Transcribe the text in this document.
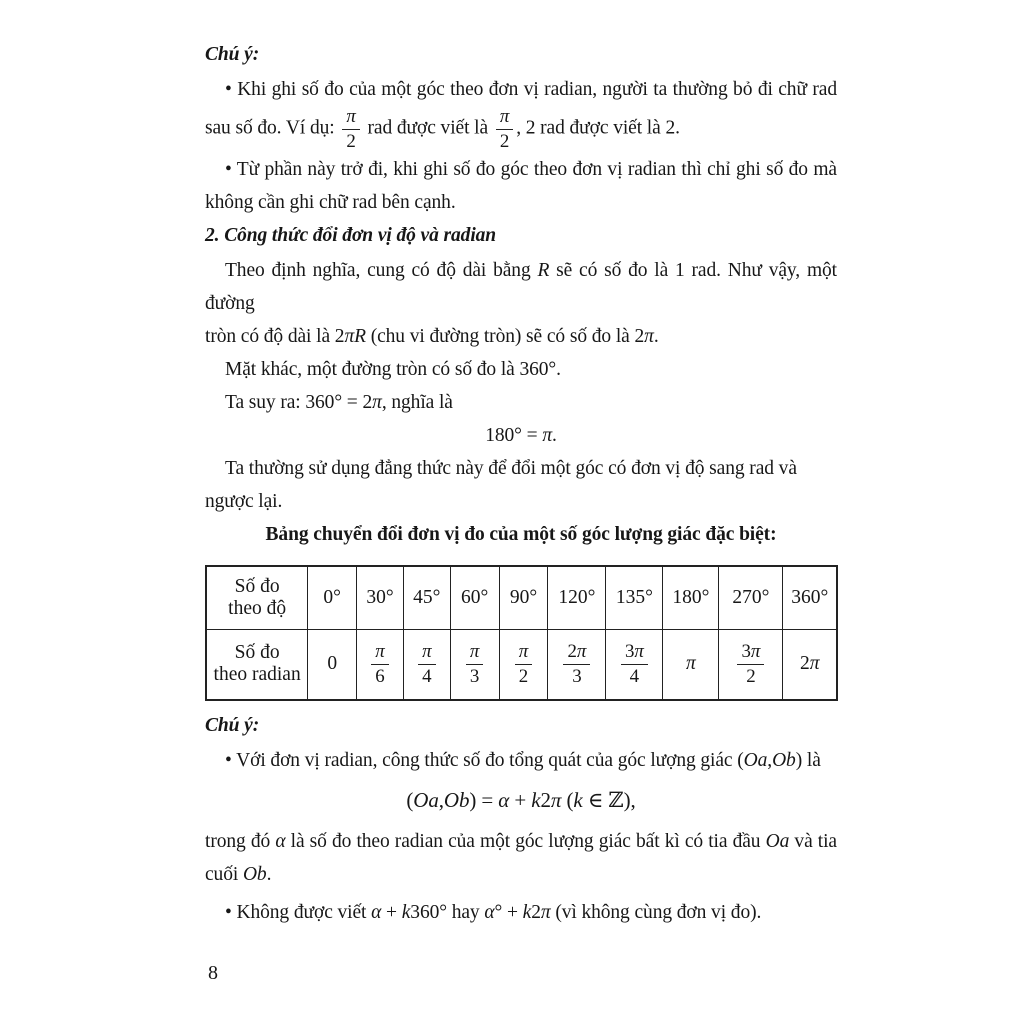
Chú ý:
• Khi ghi số đo của một góc theo đơn vị radian, người ta thường bỏ đi chữ rad
sau số đo. Ví dụ: $\frac{\pi}{2}$ rad được viết là $\frac{\pi}{2}$ , 2 rad được viết là 2.
• Từ phần này trở đi, khi ghi số đo góc theo đơn vị radian thì chỉ ghi số đo mà
không cần ghi chữ rad bên cạnh.
2. Công thức đổi đơn vị độ và radian
Theo định nghĩa, cung có độ dài bằng R sẽ có số đo là 1 rad. Như vậy, một đường
tròn có độ dài là 2πR (chu vi đường tròn) sẽ có số đo là 2π.
Mặt khác, một đường tròn có số đo là 360°.
Ta suy ra: 360° = 2π, nghĩa là
180° = π.
Ta thường sử dụng đẳng thức này để đổi một góc có đơn vị độ sang rad và ngược lại.
Bảng chuyển đổi đơn vị đo của một số góc lượng giác đặc biệt:
Số đo
theo độ	0°	30°	45°	60°	90°	120°	135°	180°	270°	360°
Số đo
theo radian	0	$\frac{\pi}{6}$	$\frac{\pi}{4}$	$\frac{\pi}{3}$	$\frac{\pi}{2}$	$\frac{2\pi}{3}$	$\frac{3\pi}{4}$	π	$\frac{3\pi}{2}$	2π
Chú ý:
• Với đơn vị radian, công thức số đo tổng quát của góc lượng giác (Oa,Ob) là
(Oa,Ob) = α + k2π (k ∈ ℤ),
trong đó α là số đo theo radian của một góc lượng giác bất kì có tia đầu Oa và tia
cuối Ob.
• Không được viết α + k360° hay α° + k2π (vì không cùng đơn vị đo).
8
